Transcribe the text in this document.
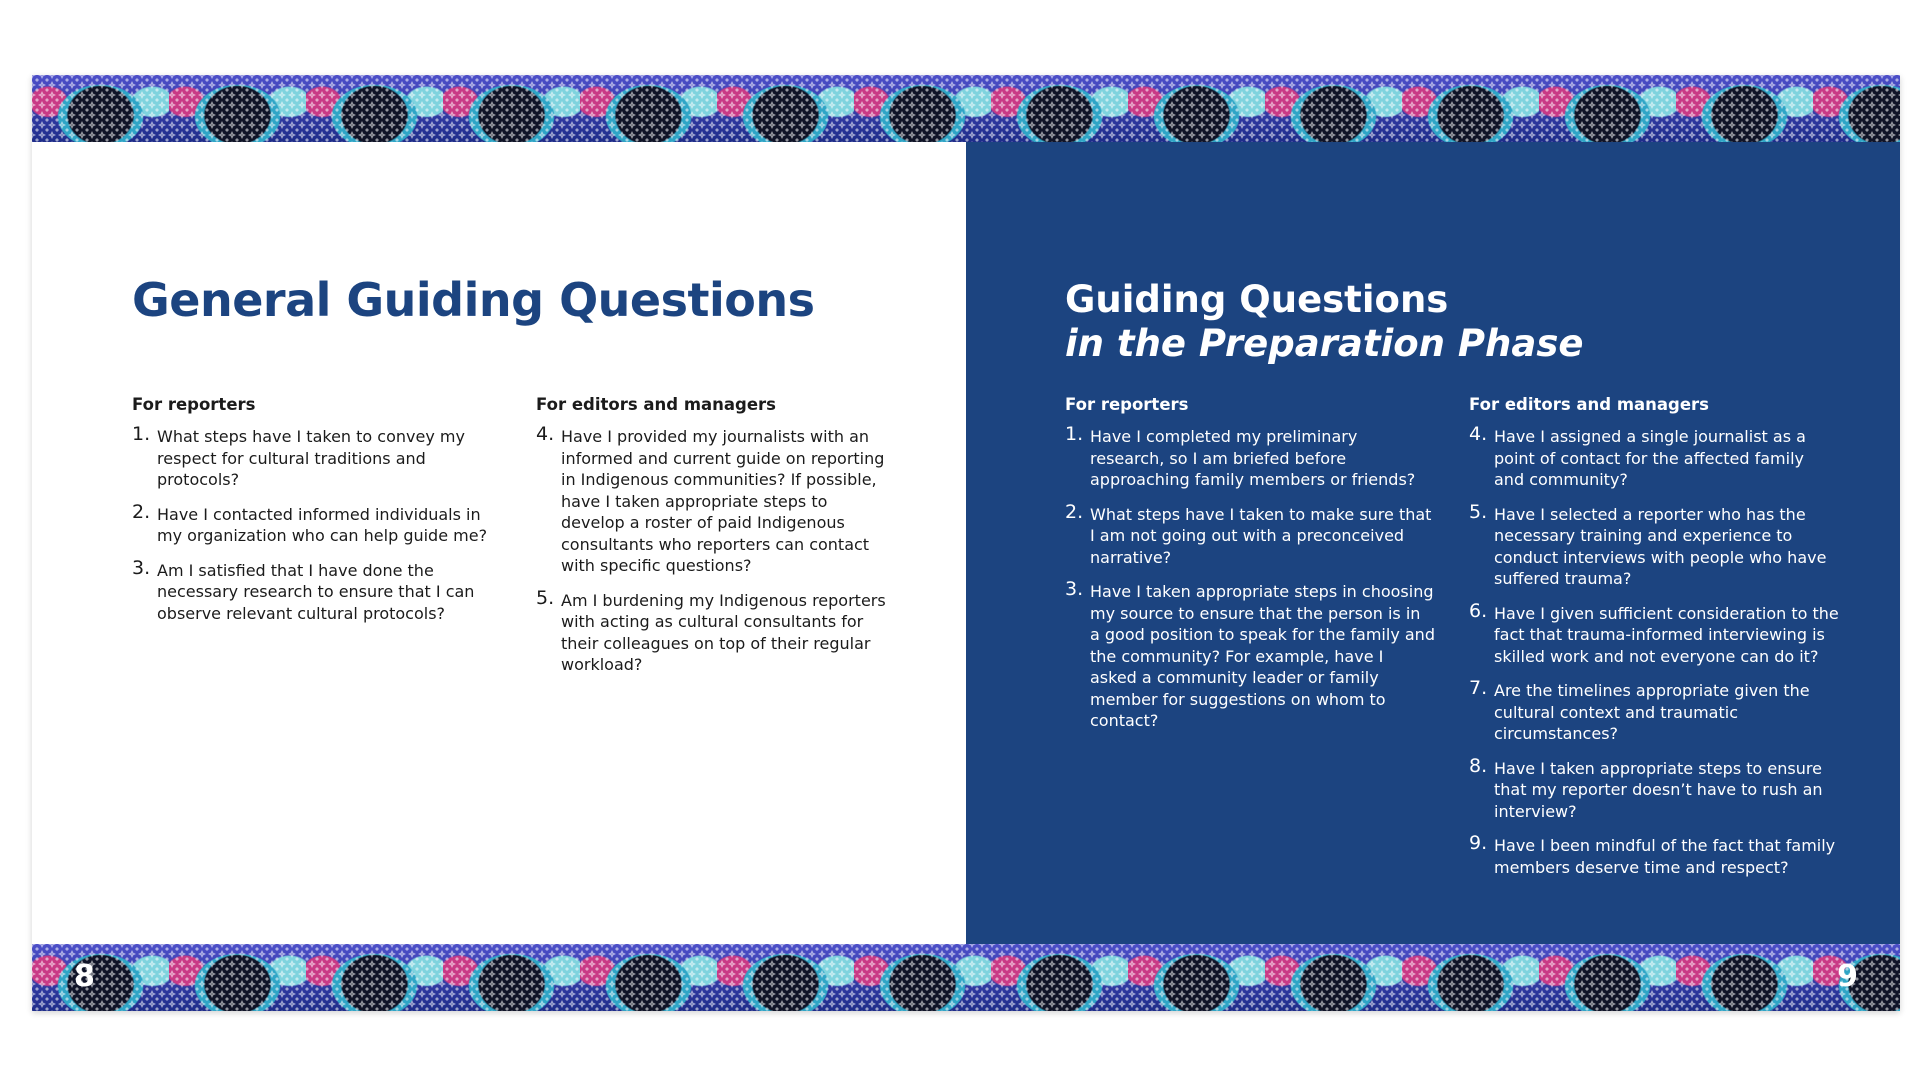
General Guiding Questions
For reporters
1. What steps have I taken to convey my respect for cultural traditions and protocols?
2. Have I contacted informed individuals in my organization who can help guide me?
3. Am I satisfied that I have done the necessary research to ensure that I can observe relevant cultural protocols?
For editors and managers
4. Have I provided my journalists with an informed and current guide on reporting in Indigenous communities? If possible, have I taken appropriate steps to develop a roster of paid Indigenous consultants who reporters can contact with specific questions?
5. Am I burdening my Indigenous reporters with acting as cultural consultants for their colleagues on top of their regular workload?
Guiding Questions
in the Preparation Phase
For reporters
1. Have I completed my preliminary research, so I am briefed before approaching family members or friends?
2. What steps have I taken to make sure that I am not going out with a preconceived narrative?
3. Have I taken appropriate steps in choosing my source to ensure that the person is in a good position to speak for the family and the community? For example, have I asked a community leader or family member for suggestions on whom to contact?
For editors and managers
4. Have I assigned a single journalist as a point of contact for the affected family and community?
5. Have I selected a reporter who has the necessary training and experience to conduct interviews with people who have suffered trauma?
6. Have I given sufficient consideration to the fact that trauma-informed interviewing is skilled work and not everyone can do it?
7. Are the timelines appropriate given the cultural context and traumatic circumstances?
8. Have I taken appropriate steps to ensure that my reporter doesn’t have to rush an interview?
9. Have I been mindful of the fact that family members deserve time and respect?
8	9
